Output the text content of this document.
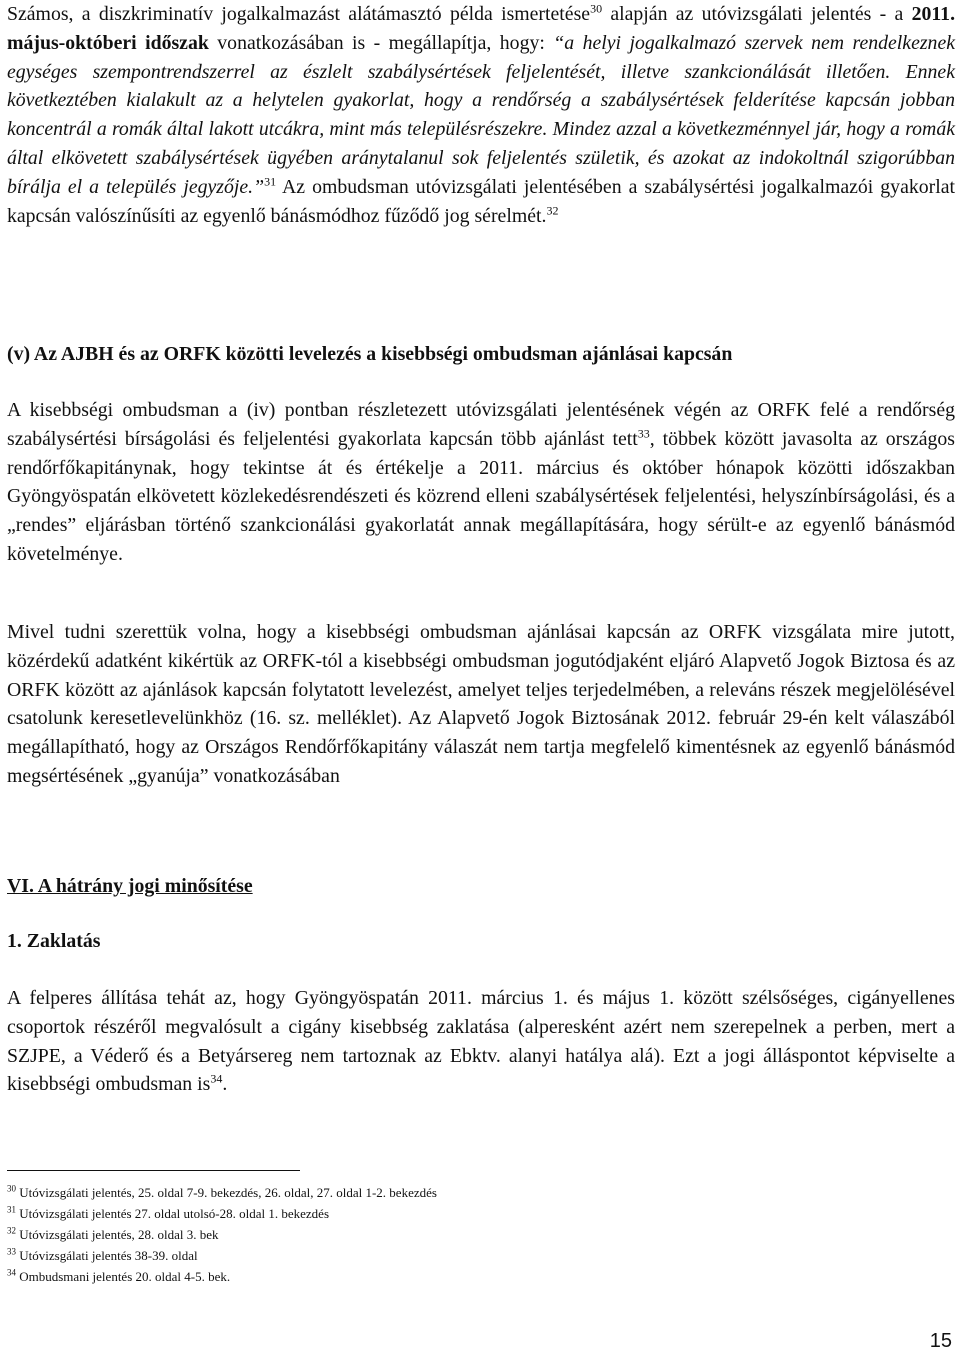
Számos, a diszkriminatív jogalkalmazást alátámasztó példa ismertetése$^{30}$ alapján az utóvizsgálati jelentés - a 2011. május-októberi időszak vonatkozásában is - megállapítja, hogy: “a helyi jogalkalmazó szervek nem rendelkeznek egységes szempontrendszerrel az észlelt szabálysértések feljelentését, illetve szankcionálását illetően. Ennek következtében kialakult az a helytelen gyakorlat, hogy a rendőrség a szabálysértések felderítése kapcsán jobban koncentrál a romák által lakott utcákra, mint más településrészekre. Mindez azzal a következménnyel jár, hogy a romák által elkövetett szabálysértések ügyében aránytalanul sok feljelentés születik, és azokat az indokoltnál szigorúbban bírálja el a település jegyzője.”$^{31}$ Az ombudsman utóvizsgálati jelentésében a szabálysértési jogalkalmazói gyakorlat kapcsán valószínűsíti az egyenlő bánásmódhoz fűződő jog sérelmét.$^{32}$

(v) Az AJBH és az ORFK közötti levelezés a kisebbségi ombudsman ajánlásai kapcsán

A kisebbségi ombudsman a (iv) pontban részletezett utóvizsgálati jelentésének végén az ORFK felé a rendőrség szabálysértési bírságolási és feljelentési gyakorlata kapcsán több ajánlást tett$^{33}$, többek között javasolta az országos rendőrfőkapitánynak, hogy tekintse át és értékelje a 2011. március és október hónapok közötti időszakban Gyöngyöspatán elkövetett közlekedésrendészeti és közrend elleni szabálysértések feljelentési, helyszínbírságolási, és a „rendes” eljárásban történő szankcionálási gyakorlatát annak megállapítására, hogy sérült-e az egyenlő bánásmód követelménye.

Mivel tudni szerettük volna, hogy a kisebbségi ombudsman ajánlásai kapcsán az ORFK vizsgálata mire jutott, közérdekű adatként kikértük az ORFK-tól a kisebbségi ombudsman jogutódjaként eljáró Alapvető Jogok Biztosa és az ORFK között az ajánlások kapcsán folytatott levelezést, amelyet teljes terjedelmében, a releváns részek megjelölésével csatolunk keresetlevelünkhöz (16. sz. melléklet). Az Alapvető Jogok Biztosának 2012. február 29-én kelt válaszából megállapítható, hogy az Országos Rendőrfőkapitány válaszát nem tartja megfelelő kimentésnek az egyenlő bánásmód megsértésének „gyanúja” vonatkozásában

VI. A hátrány jogi minősítése

1. Zaklatás

A felperes állítása tehát az, hogy Gyöngyöspatán 2011. március 1. és május 1. között szélsőséges, cigányellenes csoportok részéről megvalósult a cigány kisebbség zaklatása (alperesként azért nem szerepelnek a perben, mert a SZJPE, a Véderő és a Betyársereg nem tartoznak az Ebktv. alanyi hatálya alá). Ezt a jogi álláspontot képviselte a kisebbségi ombudsman $is^{34}$.

$^{30}$ Utóvizsgálati jelentés, 25. oldal 7-9. bekezdés, 26. oldal, 27. oldal 1-2. bekezdés

$^{31}$ Utóvizsgálati jelentés 27. oldal utolsó-28. oldal 1. bekezdés

$^{32}$ Utóvizsgálati jelentés, 28. oldal 3. bek

$^{33}$ Utóvizsgálati jelentés 38-39. oldal

$^{34}$ Ombudsmani jelentés 20. oldal 4-5. bek.

15
